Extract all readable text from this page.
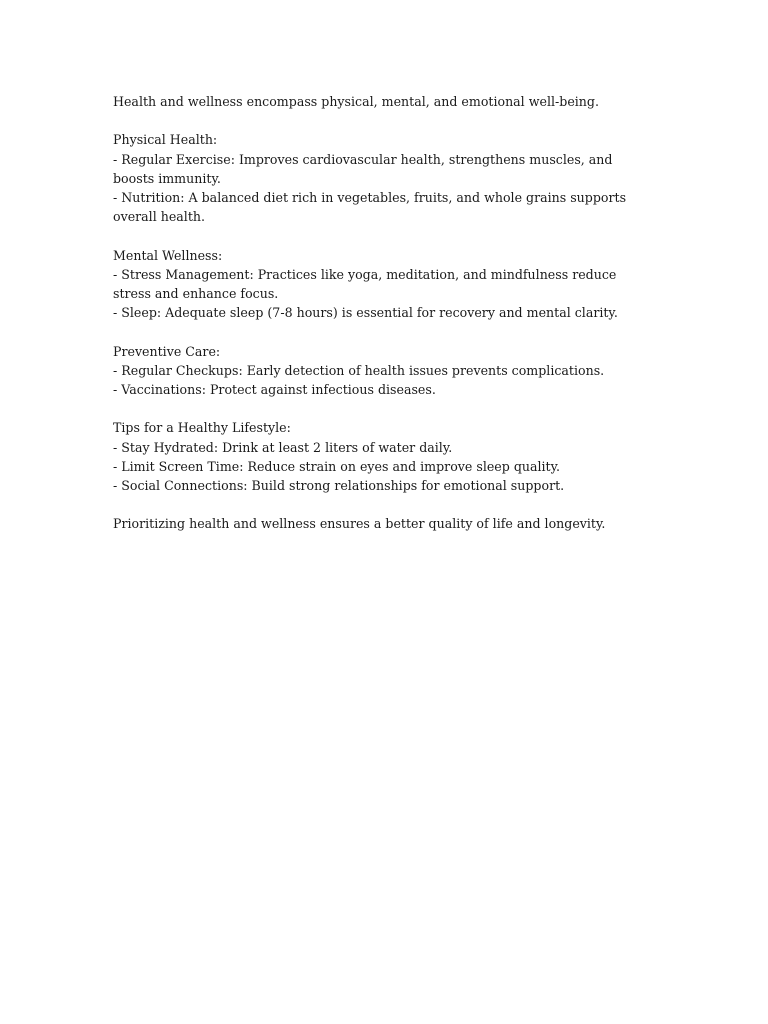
Health and wellness encompass physical, mental, and emotional well-being.

Physical Health:
- Regular Exercise: Improves cardiovascular health, strengthens muscles, and boosts immunity.
- Nutrition: A balanced diet rich in vegetables, fruits, and whole grains supports overall health.
Mental Wellness:
- Stress Management: Practices like yoga, meditation, and mindfulness reduce stress and enhance focus.
- Sleep: Adequate sleep (7-8 hours) is essential for recovery and mental clarity.
Preventive Care:
- Regular Checkups: Early detection of health issues prevents complications.
- Vaccinations: Protect against infectious diseases.
Tips for a Healthy Lifestyle:
- Stay Hydrated: Drink at least 2 liters of water daily.
- Limit Screen Time: Reduce strain on eyes and improve sleep quality.
- Social Connections: Build strong relationships for emotional support.

Prioritizing health and wellness ensures a better quality of life and longevity.
